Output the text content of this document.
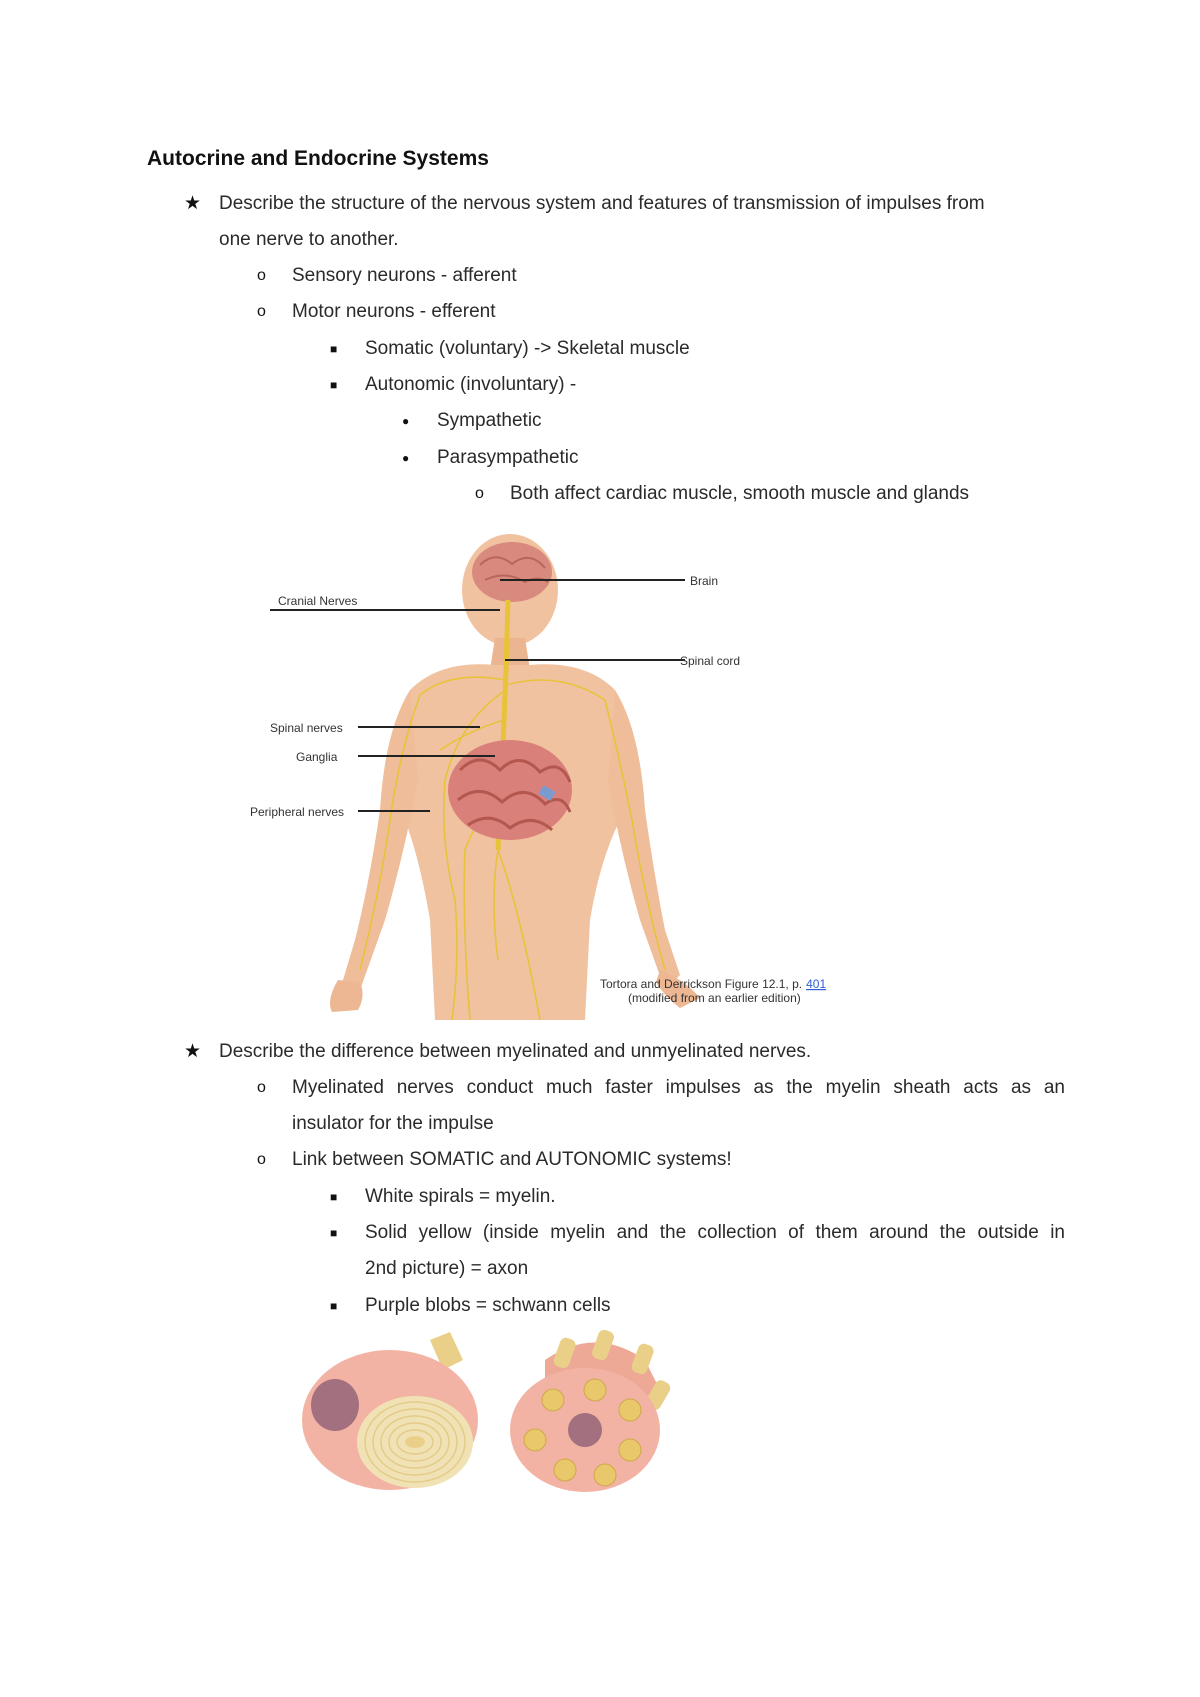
Autocrine and Endocrine Systems
★ Describe the structure of the nervous system and features of transmission of impulses from
one nerve to another.
o Sensory neurons - afferent
o Motor neurons - efferent
■ Somatic (voluntary) -> Skeletal muscle
■ Autonomic (involuntary) -
● Sympathetic
● Parasympathetic
o Both affect cardiac muscle, smooth muscle and glands
Brain
Cranial Nerves
Spinal cord
Spinal nerves
Ganglia
Peripheral nerves
Tortora and Derrickson Figure 12.1, p. 401
(modified from an earlier edition)
★ Describe the difference between myelinated and unmyelinated nerves.
o Myelinated nerves conduct much faster impulses as the myelin sheath acts as an
insulator for the impulse
o Link between SOMATIC and AUTONOMIC systems!
■ White spirals = myelin.
■ Solid yellow (inside myelin and the collection of them around the outside in
2nd picture) = axon
■ Purple blobs = schwann cells
